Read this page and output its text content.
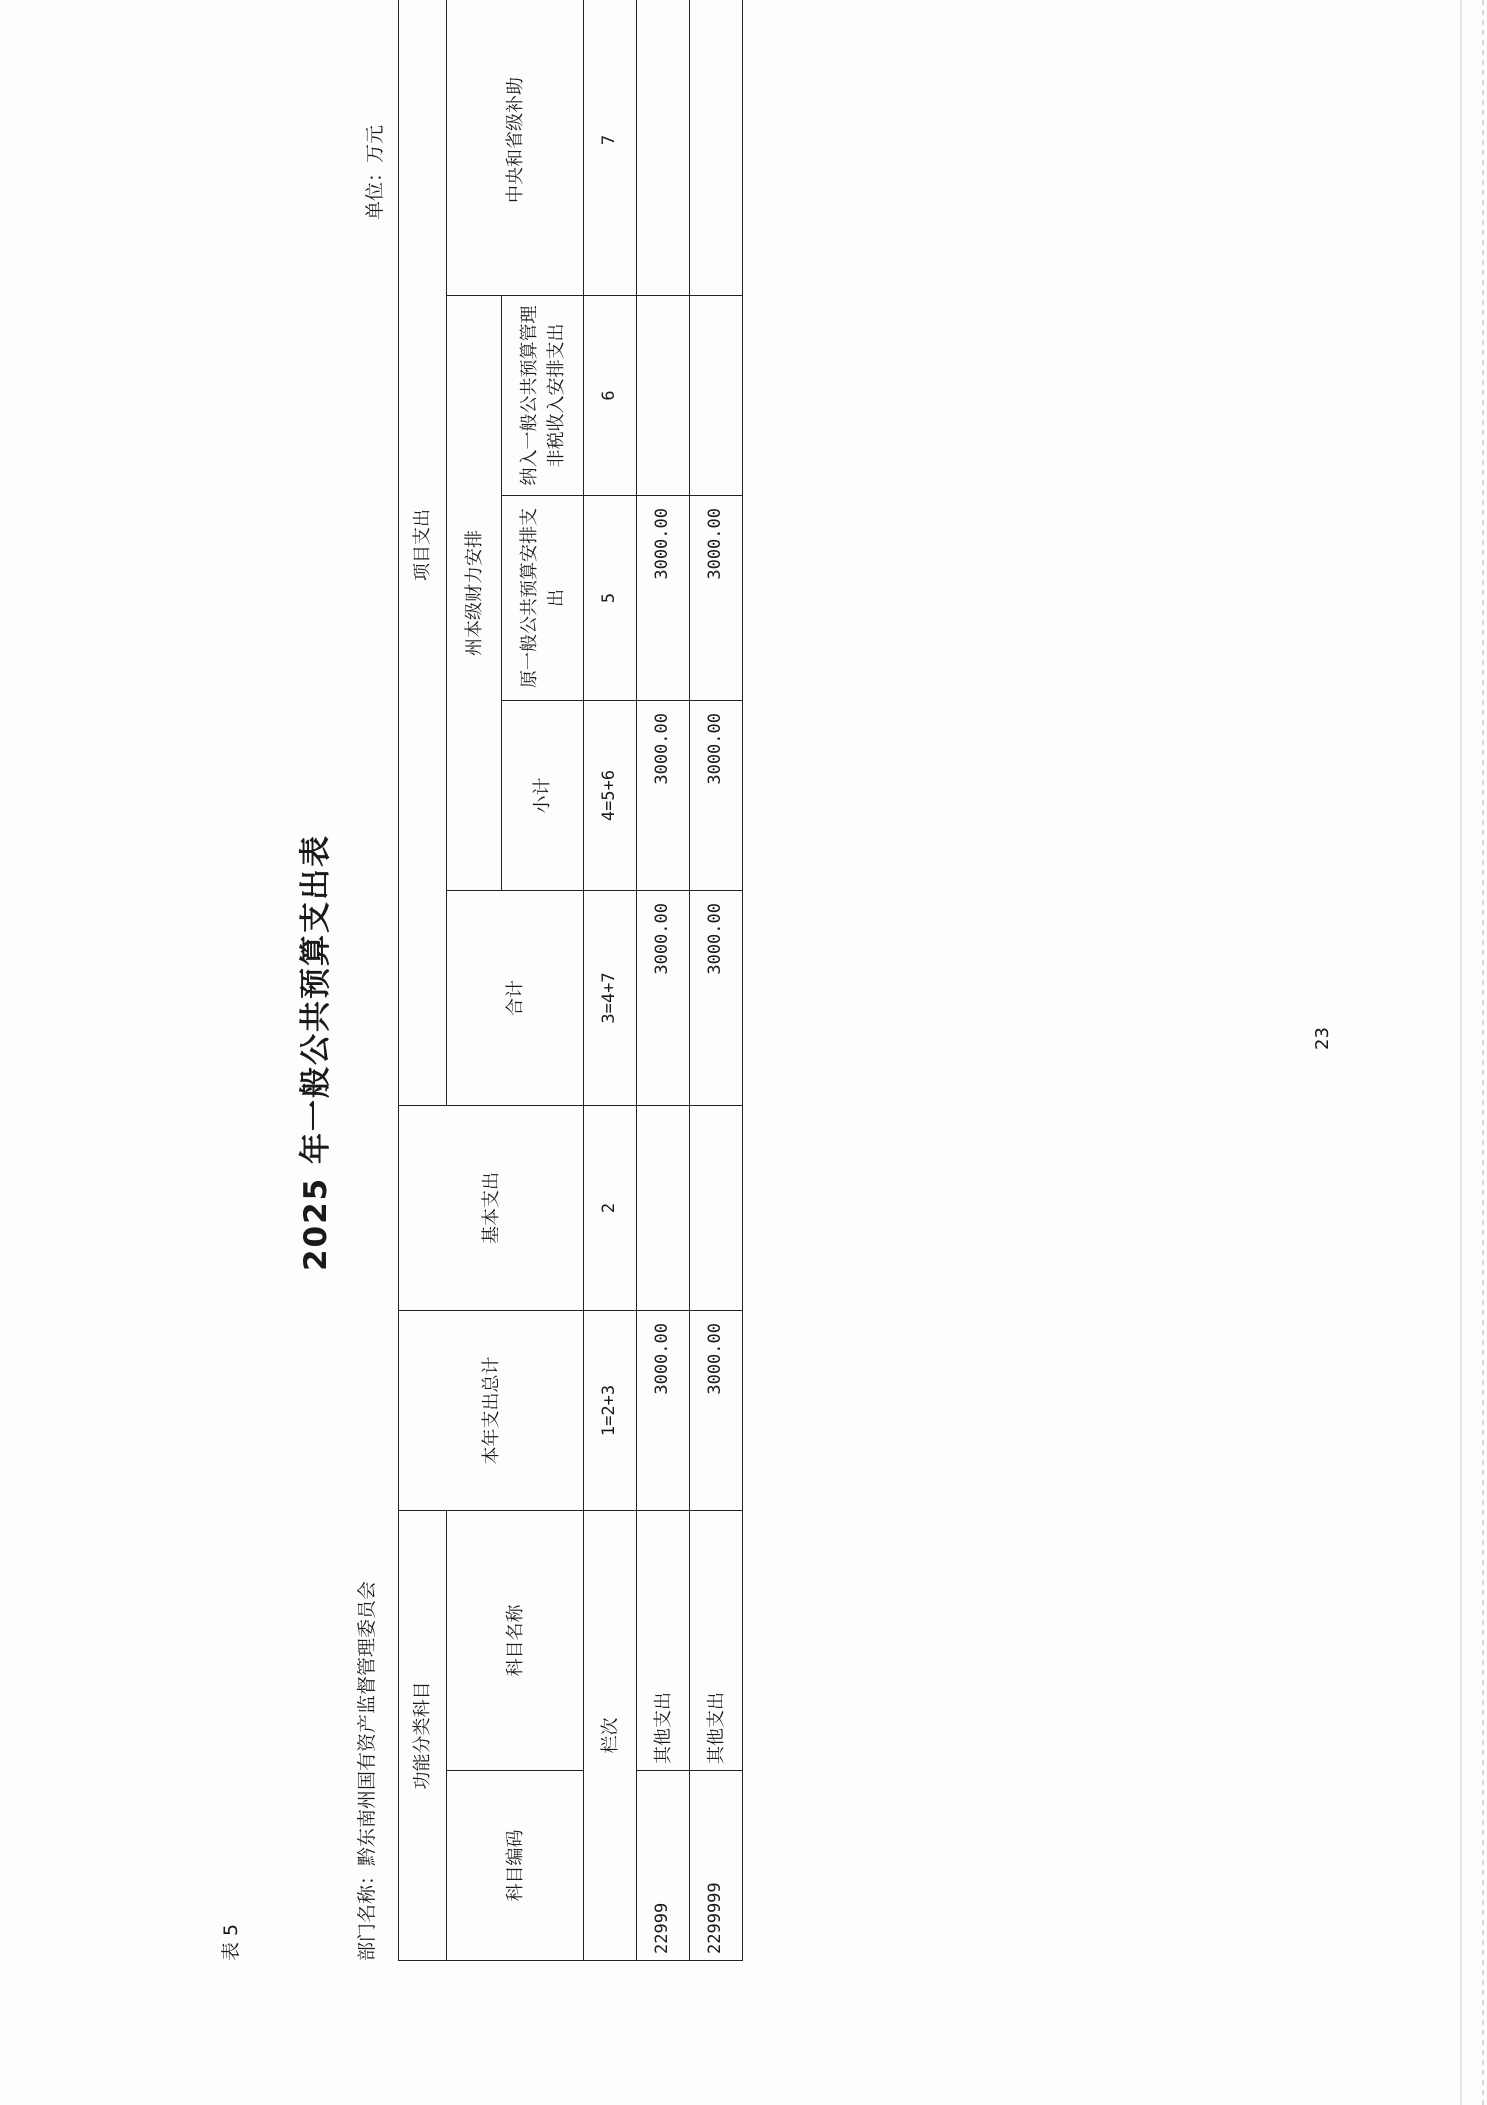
表 5
2025 年一般公共预算支出表
部门名称：黔东南州国有资产监督管理委员会
单位：万元
功能分类科目		本年支出总计	基本支出	项目支出				
科目编码	科目名称			合计	州本级财力安排			中央和省级补助
					小计	原一般公共预算安排支出	纳入一般公共预算管理非税收入安排支出	
栏次		1=2+3	2	3=4+7	4=5+6	5	6	7
22999	其他支出	3000.00		3000.00	3000.00	3000.00		
2299999	其他支出	3000.00		3000.00	3000.00	3000.00		
23
